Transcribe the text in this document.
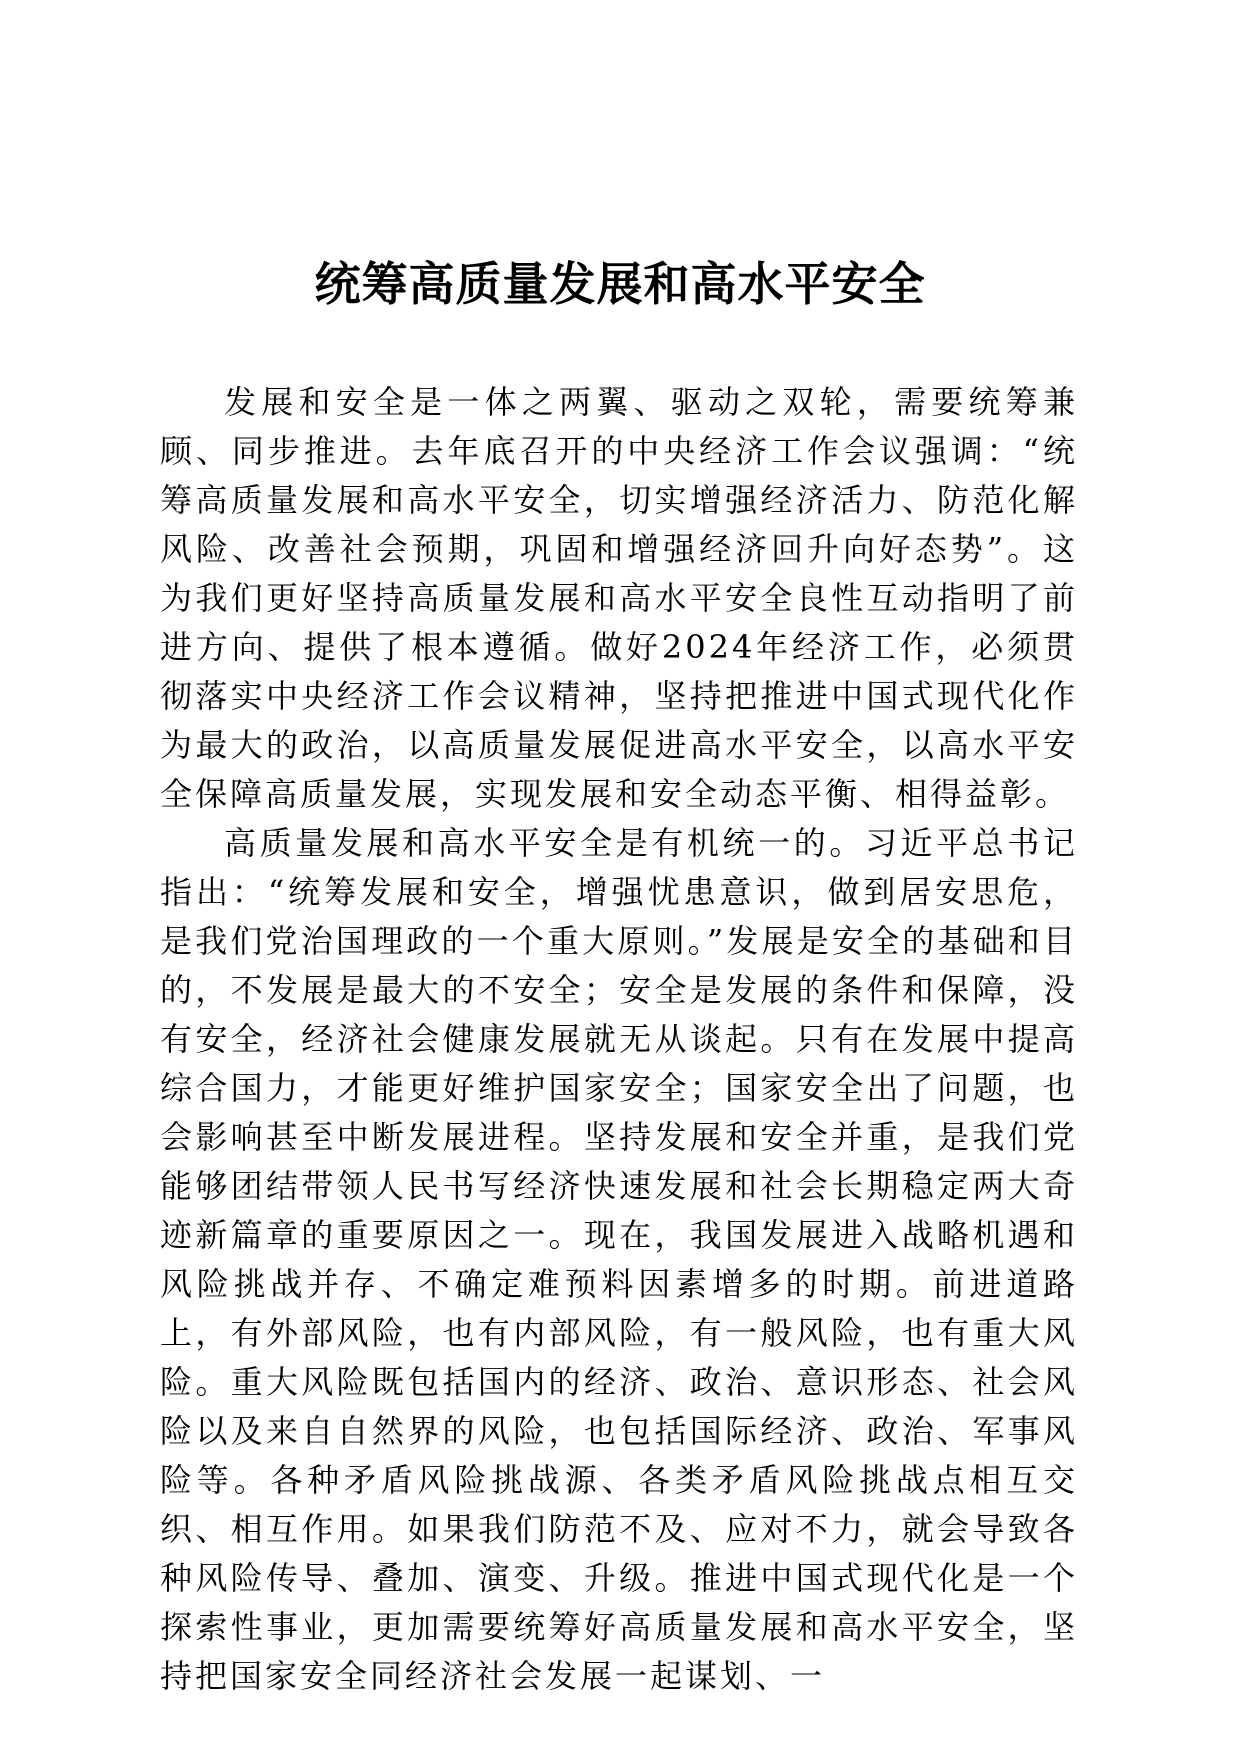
统筹高质量发展和高水平安全

发展和安全是一体之两翼、驱动之双轮，需要统筹兼顾、同步推进。去年底召开的中央经济工作会议强调：“统筹高质量发展和高水平安全，切实增强经济活力、防范化解风险、改善社会预期，巩固和增强经济回升向好态势”。这为我们更好坚持高质量发展和高水平安全良性互动指明了前进方向、提供了根本遵循。做好2024年经济工作，必须贯彻落实中央经济工作会议精神，坚持把推进中国式现代化作为最大的政治，以高质量发展促进高水平安全，以高水平安全保障高质量发展，实现发展和安全动态平衡、相得益彰。

高质量发展和高水平安全是有机统一的。习近平总书记指出：“统筹发展和安全，增强忧患意识，做到居安思危，是我们党治国理政的一个重大原则。”发展是安全的基础和目的，不发展是最大的不安全；安全是发展的条件和保障，没有安全，经济社会健康发展就无从谈起。只有在发展中提高综合国力，才能更好维护国家安全；国家安全出了问题，也会影响甚至中断发展进程。坚持发展和安全并重，是我们党能够团结带领人民书写经济快速发展和社会长期稳定两大奇迹新篇章的重要原因之一。现在，我国发展进入战略机遇和风险挑战并存、不确定难预料因素增多的时期。前进道路上，有外部风险，也有内部风险，有一般风险，也有重大风险。重大风险既包括国内的经济、政治、意识形态、社会风险以及来自自然界的风险，也包括国际经济、政治、军事风险等。各种矛盾风险挑战源、各类矛盾风险挑战点相互交织、相互作用。如果我们防范不及、应对不力，就会导致各种风险传导、叠加、演变、升级。推进中国式现代化是一个探索性事业，更加需要统筹好高质量发展和高水平安全，坚持把国家安全同经济社会发展一起谋划、一
